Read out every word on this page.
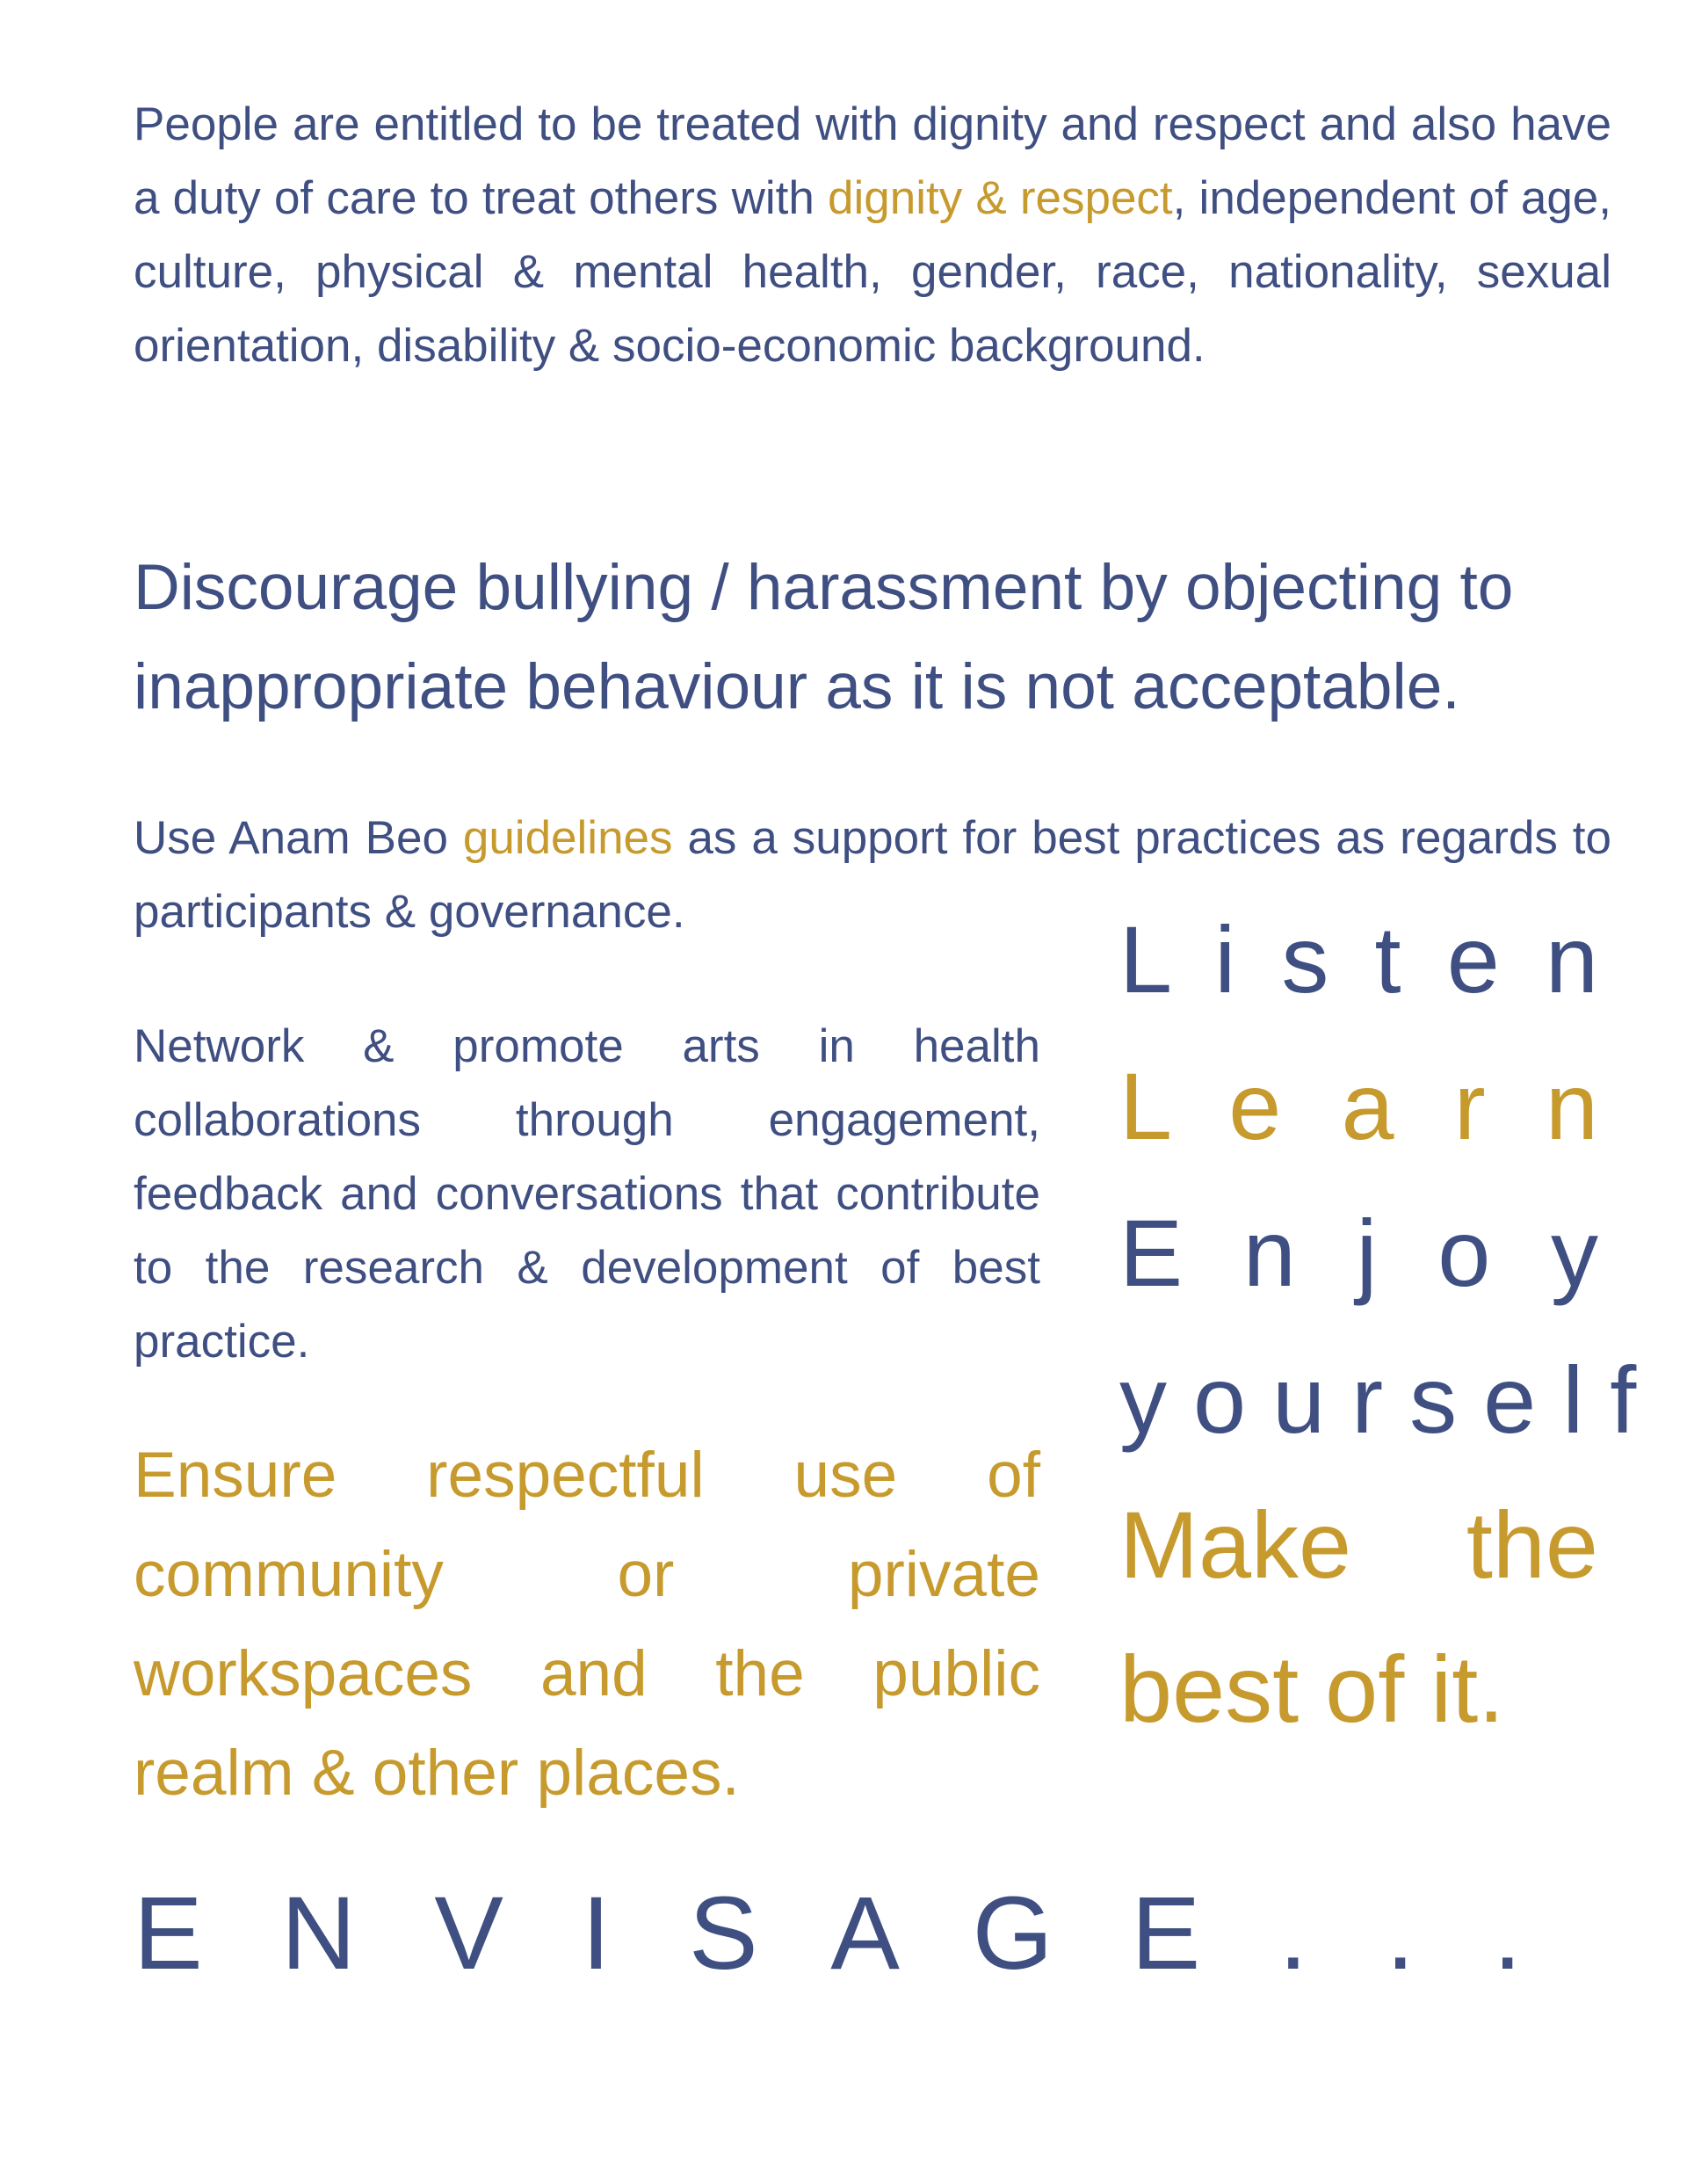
People are entitled to be treated with dignity and respect and also have a duty of care to treat others with dignity & respect, independent of age, culture, physical & mental health, gender, race, nationality, sexual orientation, disability & socio-economic background.

Discourage bullying / harassment by objecting to inappropriate behaviour as it is not acceptable.

Use Anam Beo guidelines as a support for best practices as regards to participants & governance.

Network & promote arts in health collaborations through engagement, feedback and conversations that contribute to the research & development of best practice.

Ensure respectful use of community or private workspaces and the public realm & other places.

L i s t e n
L e a r n
E n j o y
y o u r s e l f
Make the best of it.
E N V I S A G E . . .
